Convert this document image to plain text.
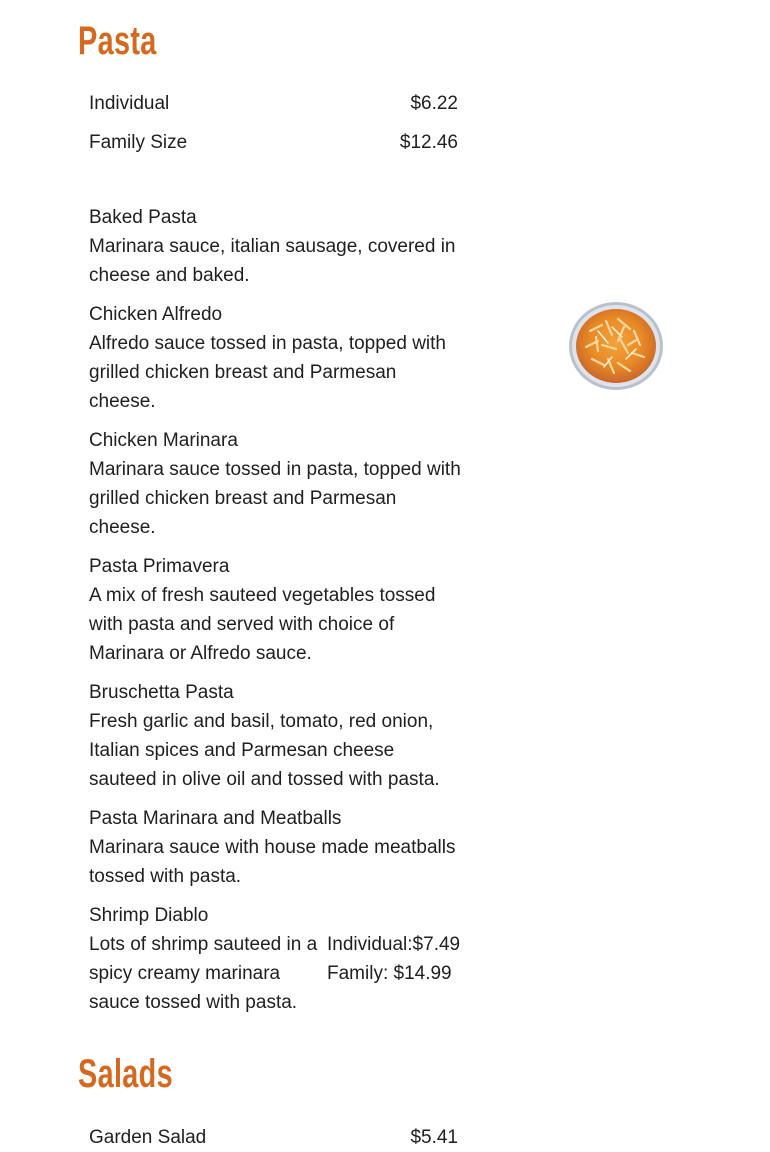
Pasta
Individual	$6.22
Family Size	$12.46
Baked Pasta
Marinara sauce, italian sausage, covered in cheese and baked.
Chicken Alfredo
Alfredo sauce tossed in pasta, topped with grilled chicken breast and Parmesan cheese.
Chicken Marinara
Marinara sauce tossed in pasta, topped with grilled chicken breast and Parmesan cheese.
Pasta Primavera
A mix of fresh sauteed vegetables tossed with pasta and served with choice of Marinara or Alfredo sauce.
Bruschetta Pasta
Fresh garlic and basil, tomato, red onion, Italian spices and Parmesan cheese sauteed in olive oil and tossed with pasta.
Pasta Marinara and Meatballs
Marinara sauce with house made meatballs tossed with pasta.
Shrimp Diablo
Lots of shrimp sauteed in a spicy creamy marinara sauce tossed with pasta.
Individual:$7.49
Family: $14.99
Salads
Garden Salad	$5.41
